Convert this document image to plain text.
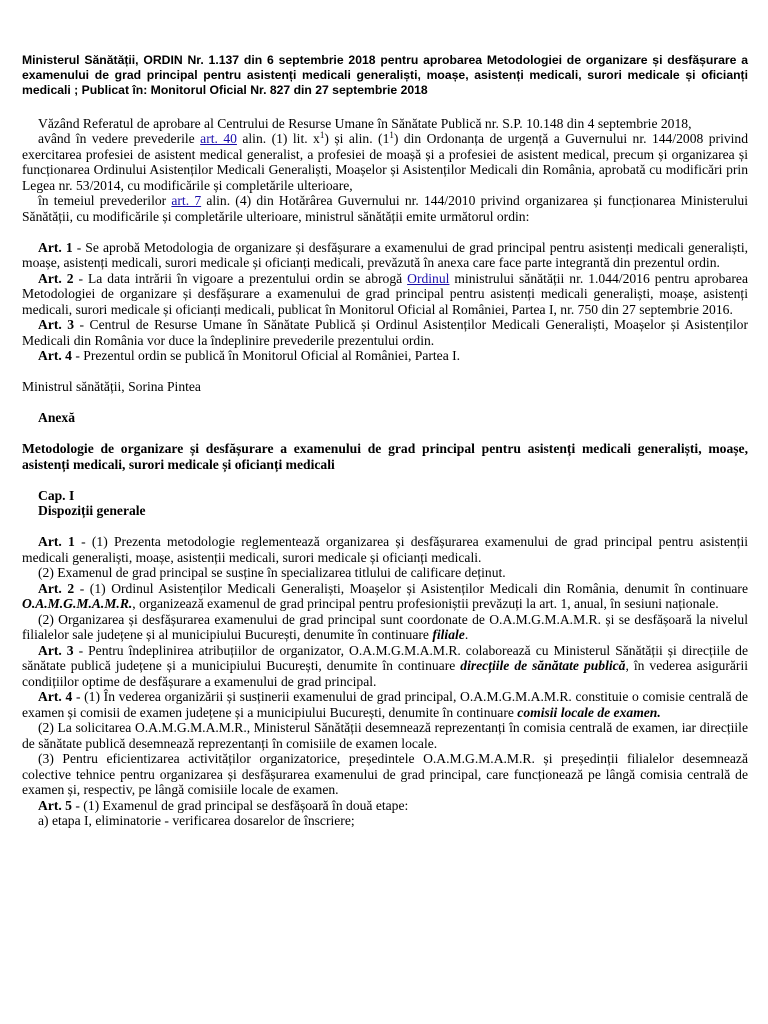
Ministerul Sănătății, ORDIN Nr. 1.137 din 6 septembrie 2018 pentru aprobarea Metodologiei de organizare și desfășurare a examenului de grad principal pentru asistenți medicali generaliști, moașe, asistenți medicali, surori medicale și oficianți medicali ; Publicat în: Monitorul Oficial Nr. 827 din 27 septembrie 2018

Văzând Referatul de aprobare al Centrului de Resurse Umane în Sănătate Publică nr. S.P. 10.148 din 4 septembrie 2018,

având în vedere prevederile art. 40 alin. (1) lit. $x^1$) și alin. $(1^1)$ din Ordonanța de urgență a Guvernului nr. 144/2008 privind exercitarea profesiei de asistent medical generalist, a profesiei de moașă și a profesiei de asistent medical, precum și organizarea și funcționarea Ordinului Asistenților Medicali Generaliști, Moașelor și Asistenților Medicali din România, aprobată cu modificări prin Legea nr. 53/2014, cu modificările și completările ulterioare,

în temeiul prevederilor art. 7 alin. (4) din Hotărârea Guvernului nr. 144/2010 privind organizarea și funcționarea Ministerului Sănătății, cu modificările și completările ulterioare, ministrul sănătății emite următorul ordin:

Art. 1 - Se aprobă Metodologia de organizare și desfășurare a examenului de grad principal pentru asistenți medicali generaliști, moașe, asistenți medicali, surori medicale și oficianți medicali, prevăzută în anexa care face parte integrantă din prezentul ordin.

Art. 2 - La data intrării în vigoare a prezentului ordin se abrogă Ordinul ministrului sănătății nr. 1.044/2016 pentru aprobarea Metodologiei de organizare și desfășurare a examenului de grad principal pentru asistenți medicali generaliști, moașe, asistenți medicali, surori medicale și oficianți medicali, publicat în Monitorul Oficial al României, Partea I, nr. 750 din 27 septembrie 2016.

Art. 3 - Centrul de Resurse Umane în Sănătate Publică și Ordinul Asistenților Medicali Generaliști, Moașelor și Asistenților Medicali din România vor duce la îndeplinire prevederile prezentului ordin.

Art. 4 - Prezentul ordin se publică în Monitorul Oficial al României, Partea I.

Ministrul sănătății, Sorina Pintea

Anexă

Metodologie de organizare și desfășurare a examenului de grad principal pentru asistenți medicali generaliști, moașe, asistenți medicali, surori medicale și oficianți medicali

Cap. I

Dispoziții generale

Art. 1 - (1) Prezenta metodologie reglementează organizarea și desfășurarea examenului de grad principal pentru asistenții medicali generaliști, moașe, asistenții medicali, surori medicale și oficianți medicali.

(2) Examenul de grad principal se susține în specializarea titlului de calificare deținut.

Art. 2 - (1) Ordinul Asistenților Medicali Generaliști, Moașelor și Asistenților Medicali din România, denumit în continuare O.A.M.G.M.A.M.R., organizează examenul de grad principal pentru profesioniștii prevăzuți la art. 1, anual, în sesiuni naționale.

(2) Organizarea și desfășurarea examenului de grad principal sunt coordonate de O.A.M.G.M.A.M.R. și se desfășoară la nivelul filialelor sale județene și al municipiului București, denumite în continuare filiale.

Art. 3 - Pentru îndeplinirea atribuțiilor de organizator, O.A.M.G.M.A.M.R. colaborează cu Ministerul Sănătății și direcțiile de sănătate publică județene și a municipiului București, denumite în continuare direcțiile de sănătate publică, în vederea asigurării condițiilor optime de desfășurare a examenului de grad principal.

Art. 4 - (1) În vederea organizării și susținerii examenului de grad principal, O.A.M.G.M.A.M.R. constituie o comisie centrală de examen și comisii de examen județene și a municipiului București, denumite în continuare comisii locale de examen.

(2) La solicitarea O.A.M.G.M.A.M.R., Ministerul Sănătății desemnează reprezentanți în comisia centrală de examen, iar direcțiile de sănătate publică desemnează reprezentanți în comisiile de examen locale.

(3) Pentru eficientizarea activităților organizatorice, președintele O.A.M.G.M.A.M.R. și președinții filialelor desemnează colective tehnice pentru organizarea și desfășurarea examenului de grad principal, care funcționează pe lângă comisia centrală de examen și, respectiv, pe lângă comisiile locale de examen.

Art. 5 - (1) Examenul de grad principal se desfășoară în două etape:

a) etapa I, eliminatorie - verificarea dosarelor de înscriere;
